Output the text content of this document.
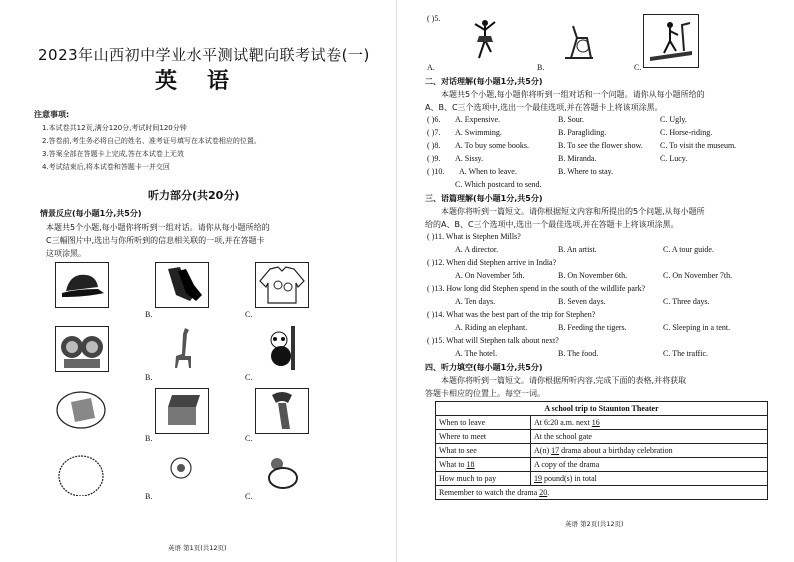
2023年山西初中学业水平测试靶向联考试卷(一)
英语
注意事项:
1.本试卷共12页,满分120分,考试时间120分钟
2.答卷前,考生务必将自己的姓名、准考证号填写在本试卷相应的位置。
3.答案全部在答题卡上完成,答在本试卷上无效
4.考试结束后,将本试卷和答题卡一并交回
听力部分(共20分)
情景反应(每小题1分,共5分)
本题共5个小题,每小题你将听到一组对话。请你从每小题所给的
C三幅图片中,选出与你所听到的信息相关联的一项,并在答题卡
这项涂黑。
B.	C.
B.	C.
B.	C.
B.	C.
英语 第1页(共12页)
( )5.
A.	B.	C.
二、对话理解(每小题1分,共5分)
本题共5个小题,每小题你将听到一组对话和一个问题。请你从每小题所给的
A、B、C三个选项中,选出一个最佳选项,并在答题卡上将该项涂黑。
( )6. A. Expensive.	B. Sour.	C. Ugly.
( )7. A. Swimming.	B. Paragliding.	C. Horse-riding.
( )8. A. To buy some books.	B. To see the flower show. C. To visit the museum.
( )9. A. Sissy.	B. Miranda.	C. Lucy.
( )10. A. When to leave.	B. Where to stay.
C. Which postcard to send.
三、语篇理解(每小题1分,共5分)
本题你将听到一篇短文。请你根据短文内容和所提出的5个问题,从每小题所
给的A、B、C三个选项中,选出一个最佳选项,并在答题卡上将该项涂黑。
( )11. What is Stephen Mills?
A. A director.	B. An artist.	C. A tour guide.
( )12. When did Stephen arrive in India?
A. On November 5th.	B. On November 6th.	C. On November 7th.
( )13. How long did Stephen spend in the south of the wildlife park?
A. Ten days.	B. Seven days.	C. Three days.
( )14. What was the best part of the trip for Stephen?
A. Riding an elephant.	B. Feeding the tigers.	C. Sleeping in a tent.
( )15. What will Stephen talk about next?
A. The hotel.	B. The food.	C. The traffic.
四、听力填空(每小题1分,共5分)
本题你将听到一篇短文。请你根据所听内容,完成下面的表格,并将获取
答题卡相应的位置上。每空一词。
英语 第2页(共12页)
A school trip to Staunton Theater	
When to leave	At 6:20 a.m. next 16
Where to meet	At the school gate
What to see	A(n) 17 drama about a birthday celebration
What to 18	A copy of the drama
How much to pay	19 pound(s) in total
Remember to watch the drama 20.	
